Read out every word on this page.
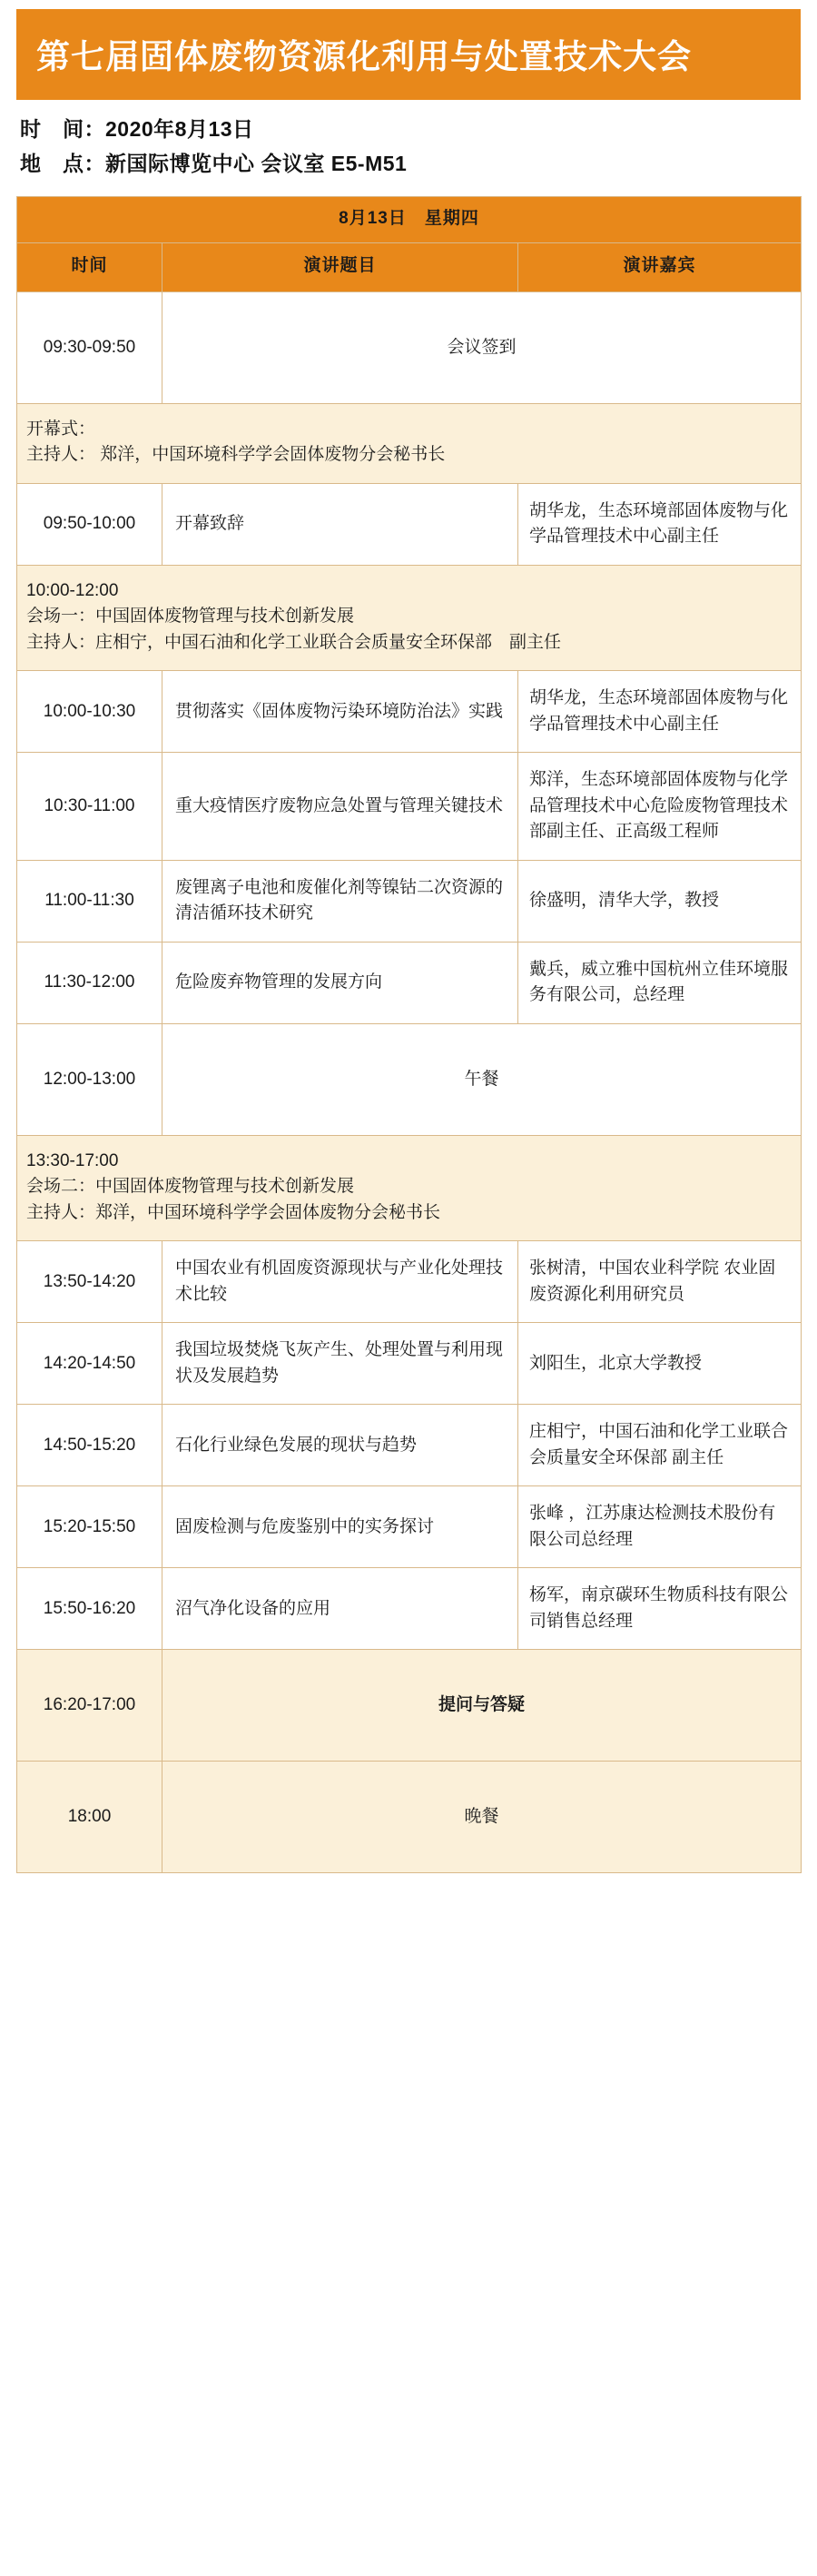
第七届固体废物资源化利用与处置技术大会
时　间：2020年8月13日
地　点：新国际博览中心 会议室 E5-M51
8月13日　星期四		
时间	演讲题目	演讲嘉宾
09:30-09:50	会议签到	

开幕式：
主持人： 郑洋，中国环境科学学会固体废物分会秘书长		

09:50-10:00	开幕致辞	胡华龙，生态环境部固体废物与化学品管理技术中心副主任

10:00-12:00
会场一：中国固体废物管理与技术创新发展
主持人：庄相宁，中国石油和化学工业联合会质量安全环保部　副主任		

10:00-10:30	贯彻落实《固体废物污染环境防治法》实践	胡华龙，生态环境部固体废物与化学品管理技术中心副主任
10:30-11:00	重大疫情医疗废物应急处置与管理关键技术	郑洋，生态环境部固体废物与化学品管理技术中心危险废物管理技术部副主任、正高级工程师
11:00-11:30	废锂离子电池和废催化剂等镍钴二次资源的清洁循环技术研究	徐盛明，清华大学，教授
11:30-12:00	危险废弃物管理的发展方向	戴兵，威立雅中国杭州立佳环境服务有限公司，总经理
12:00-13:00	午餐	

13:30-17:00
会场二：中国固体废物管理与技术创新发展
主持人：郑洋，中国环境科学学会固体废物分会秘书长		

13:50-14:20	中国农业有机固废资源现状与产业化处理技术比较	张树清，中国农业科学院 农业固废资源化利用研究员
14:20-14:50	我国垃圾焚烧飞灰产生、处理处置与利用现状及发展趋势	刘阳生，北京大学教授
14:50-15:20	石化行业绿色发展的现状与趋势	庄相宁，中国石油和化学工业联合会质量安全环保部 副主任
15:20-15:50	固废检测与危废鉴别中的实务探讨	张峰 ，江苏康达检测技术股份有限公司总经理
15:50-16:20	沼气净化设备的应用	杨军，南京碳环生物质科技有限公司销售总经理
16:20-17:00	提问与答疑	
18:00	晚餐	
